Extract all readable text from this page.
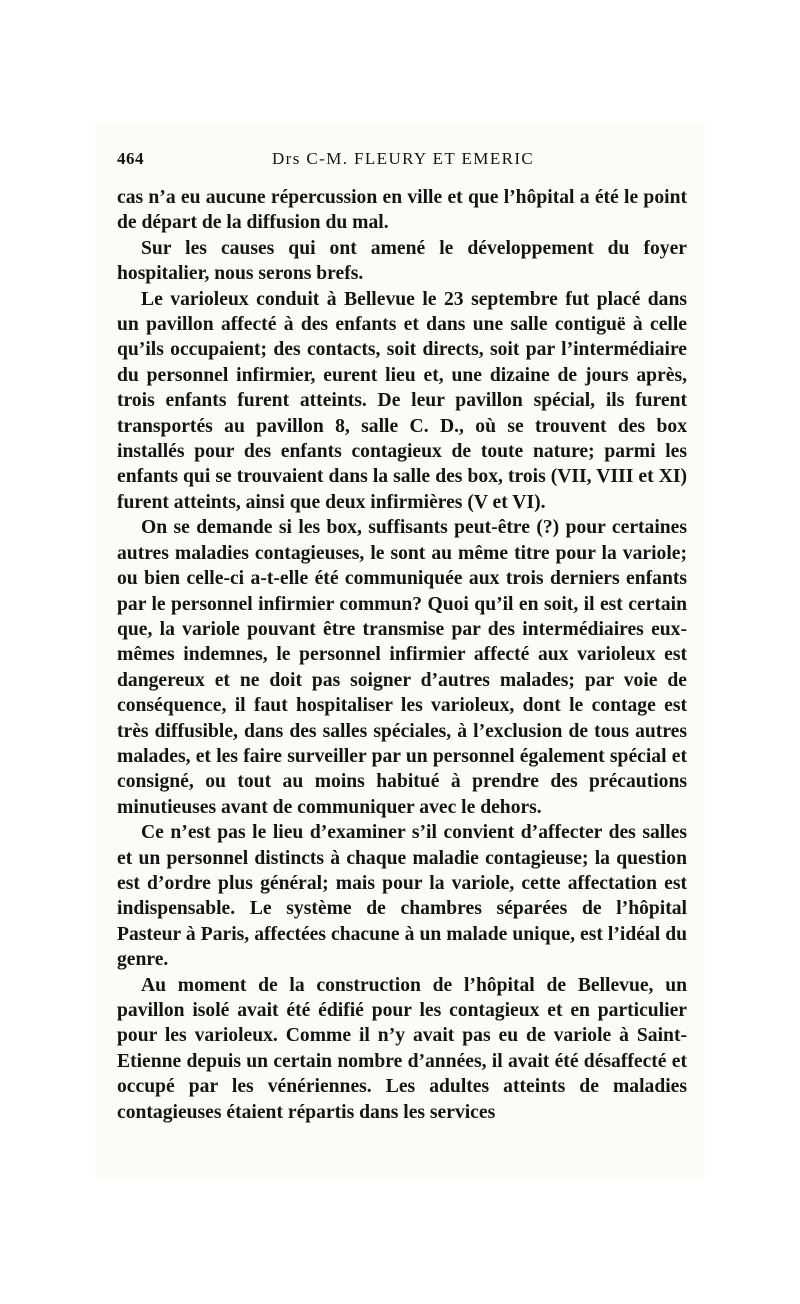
464	Drs C-M. FLEURY ET EMERIC

cas n’a eu aucune répercussion en ville et que l’hôpital a été le point de départ de la diffusion du mal.

Sur les causes qui ont amené le développement du foyer hospitalier, nous serons brefs.

Le varioleux conduit à Bellevue le 23 septembre fut placé dans un pavillon affecté à des enfants et dans une salle contiguë à celle qu’ils occupaient; des contacts, soit directs, soit par l’intermédiaire du personnel infirmier, eurent lieu et, une dizaine de jours après, trois enfants furent atteints. De leur pavillon spécial, ils furent transportés au pavillon 8, salle C. D., où se trouvent des box installés pour des enfants contagieux de toute nature; parmi les enfants qui se trouvaient dans la salle des box, trois (VII, VIII et XI) furent atteints, ainsi que deux infirmières (V et VI).

On se demande si les box, suffisants peut-être (?) pour certaines autres maladies contagieuses, le sont au même titre pour la variole; ou bien celle-ci a-t-elle été communiquée aux trois derniers enfants par le personnel infirmier commun? Quoi qu’il en soit, il est certain que, la variole pouvant être transmise par des intermédiaires eux-mêmes indemnes, le personnel infirmier affecté aux varioleux est dangereux et ne doit pas soigner d’autres malades; par voie de conséquence, il faut hospitaliser les varioleux, dont le contage est très diffusible, dans des salles spéciales, à l’exclusion de tous autres malades, et les faire surveiller par un personnel également spécial et consigné, ou tout au moins habitué à prendre des précautions minutieuses avant de communiquer avec le dehors.

Ce n’est pas le lieu d’examiner s’il convient d’affecter des salles et un personnel distincts à chaque maladie contagieuse; la question est d’ordre plus général; mais pour la variole, cette affectation est indispensable. Le système de chambres séparées de l’hôpital Pasteur à Paris, affectées chacune à un malade unique, est l’idéal du genre.

Au moment de la construction de l’hôpital de Bellevue, un pavillon isolé avait été édifié pour les contagieux et en particulier pour les varioleux. Comme il n’y avait pas eu de variole à Saint-Etienne depuis un certain nombre d’années, il avait été désaffecté et occupé par les vénériennes. Les adultes atteints de maladies contagieuses étaient répartis dans les services
